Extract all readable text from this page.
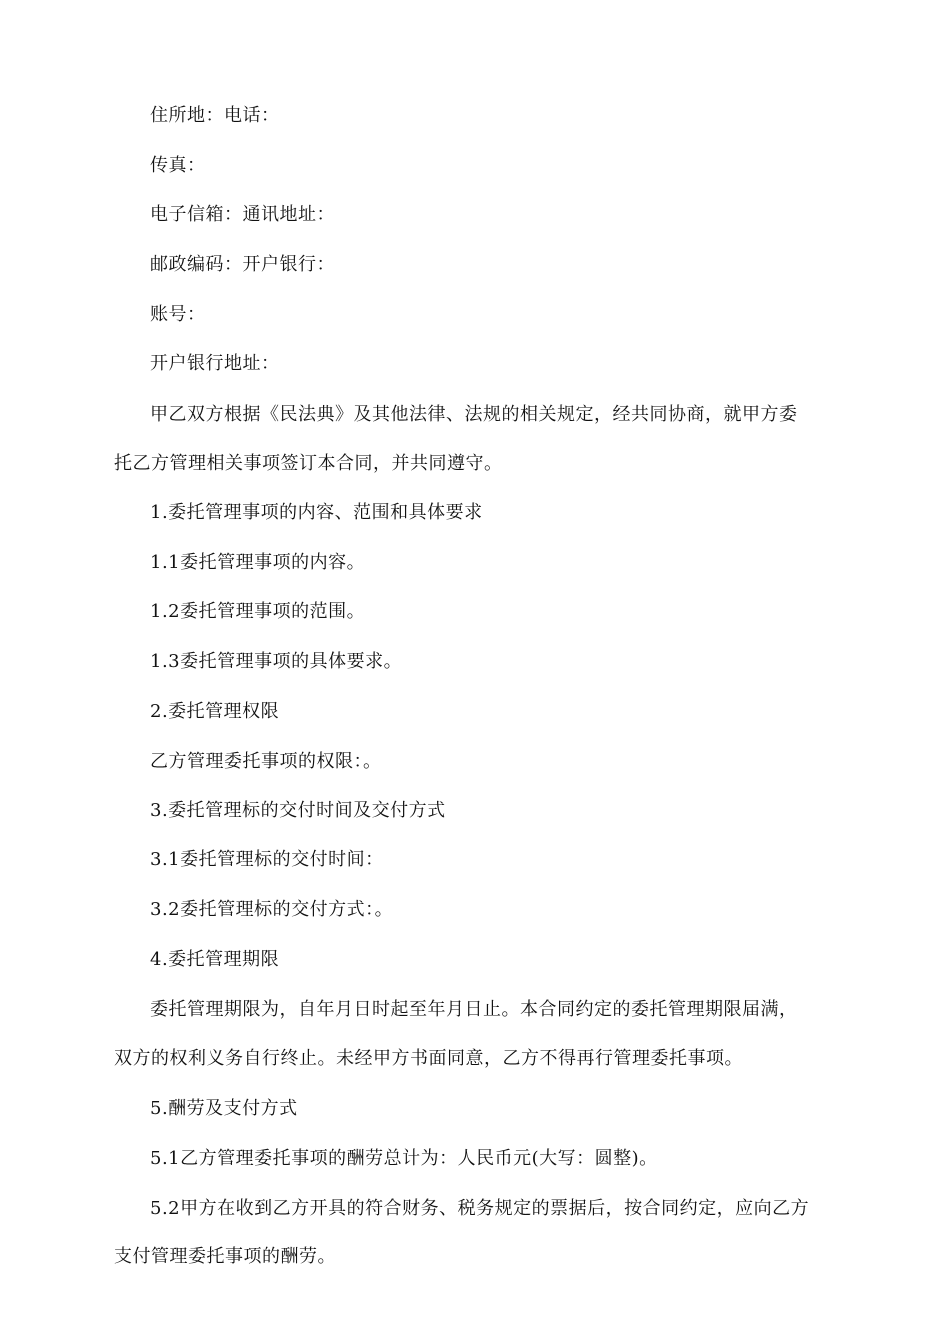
住所地：电话：
传真：
电子信箱：通讯地址：
邮政编码：开户银行：
账号：
开户银行地址：
甲乙双方根据《民法典》及其他法律、法规的相关规定，经共同协商，就甲方委
托乙方管理相关事项签订本合同，并共同遵守。
1.委托管理事项的内容、范围和具体要求
1.1委托管理事项的内容。
1.2委托管理事项的范围。
1.3委托管理事项的具体要求。
2.委托管理权限
乙方管理委托事项的权限：。
3.委托管理标的交付时间及交付方式
3.1委托管理标的交付时间：
3.2委托管理标的交付方式：。
4.委托管理期限
委托管理期限为，自年月日时起至年月日止。本合同约定的委托管理期限届满，
双方的权利义务自行终止。未经甲方书面同意，乙方不得再行管理委托事项。
5.酬劳及支付方式
5.1乙方管理委托事项的酬劳总计为：人民币元(大写：圆整)。
5.2甲方在收到乙方开具的符合财务、税务规定的票据后，按合同约定，应向乙方
支付管理委托事项的酬劳。
